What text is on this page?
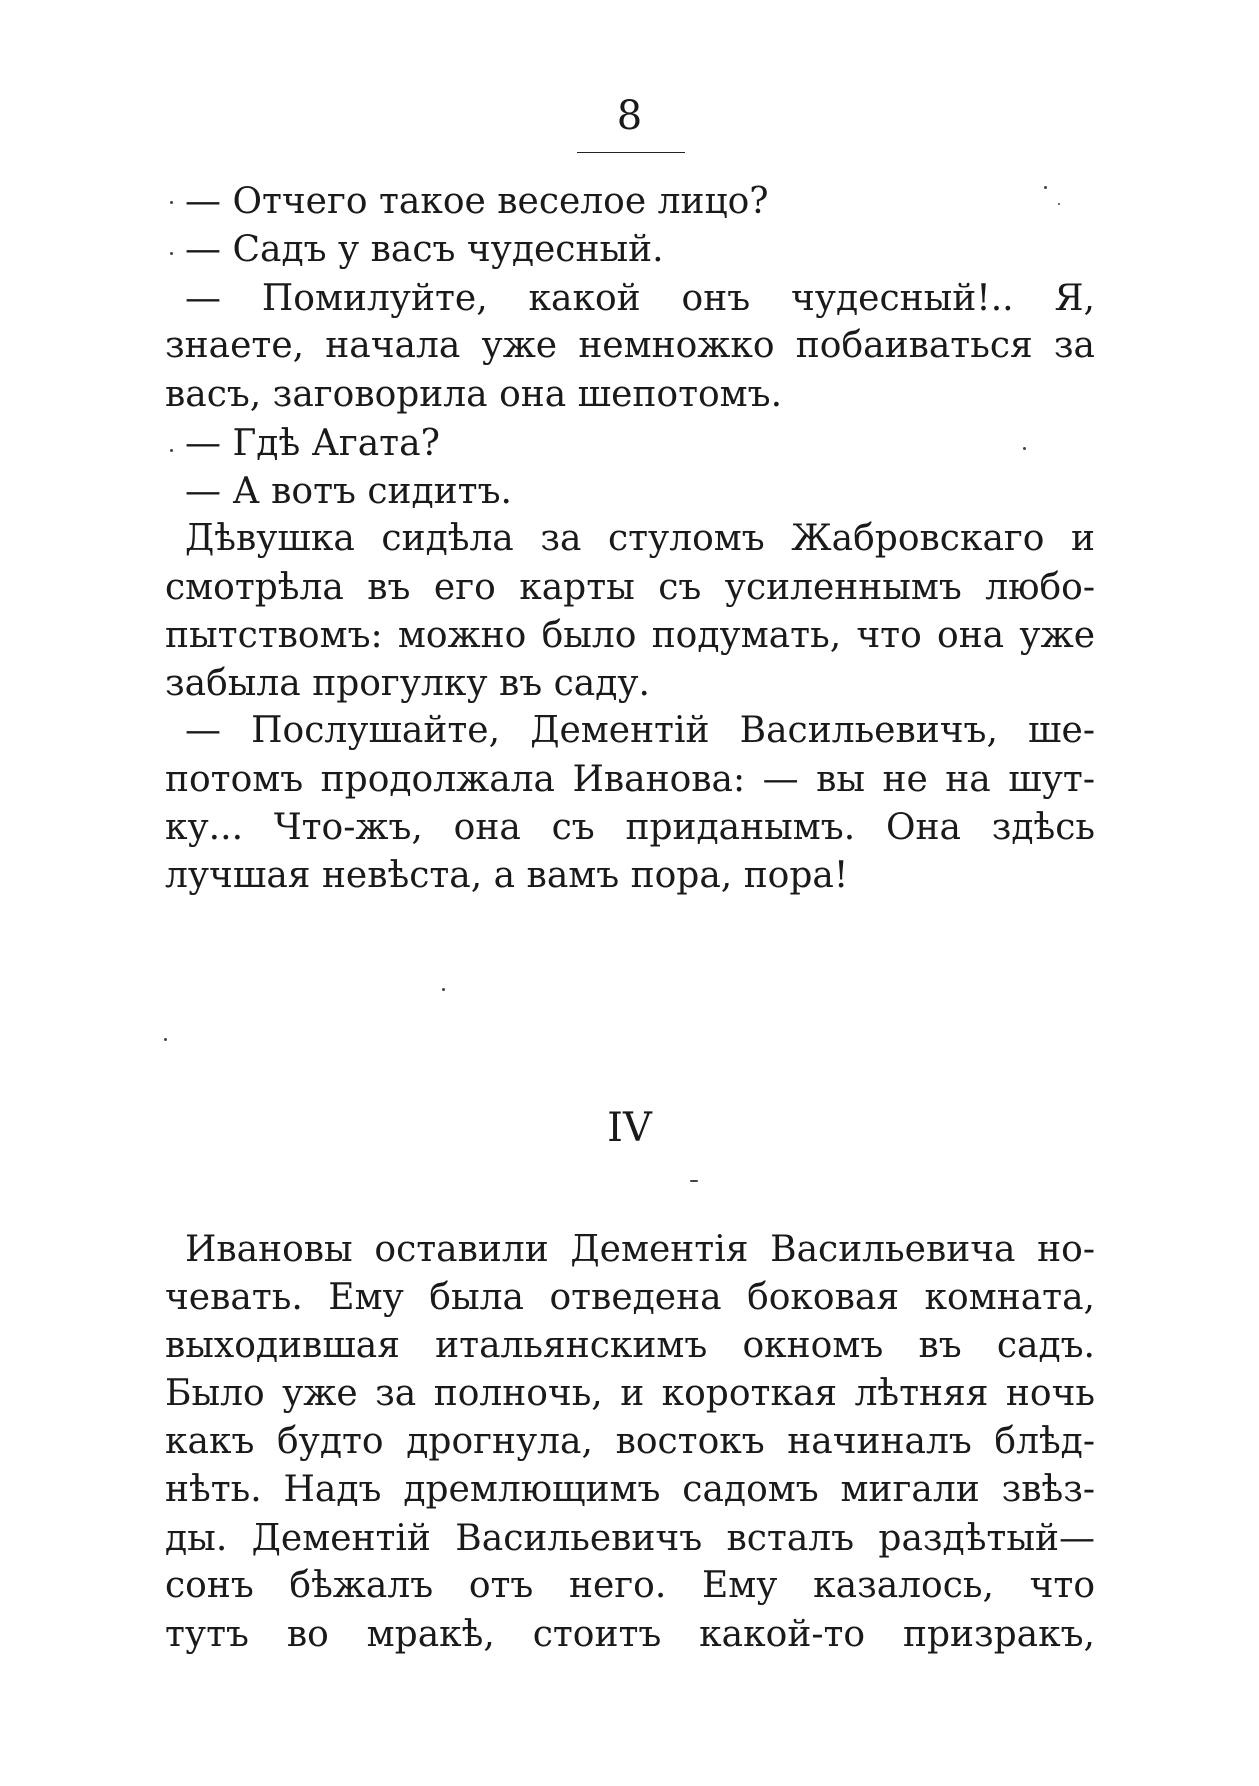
8
— Отчего такое веселое лицо?
— Садъ у васъ чудесный.
— Помилуйте, какой онъ чудесный!.. Я,
знаете, начала уже немножко побаиваться за
васъ, заговорила она шепотомъ.
— Гдѣ Агата?
— А вотъ сидитъ.
Дѣвушка сидѣла за стуломъ Жабровскаго и
смотрѣла въ его карты съ усиленнымъ любо-
пытствомъ: можно было подумать, что она уже
забыла прогулку въ саду.
— Послушайте, Дементій Васильевичъ, ше-
потомъ продолжала Иванова: — вы не на шут-
ку... Что-жъ, она съ приданымъ. Она здѣсь
лучшая невѣста, а вамъ пора, пора!
IV
Ивановы оставили Дементія Васильевича но-
чевать. Ему была отведена боковая комната,
выходившая итальянскимъ окномъ въ садъ.
Было уже за полночь, и короткая лѣтняя ночь
какъ будто дрогнула, востокъ начиналъ блѣд-
нѣть. Надъ дремлющимъ садомъ мигали звѣз-
ды. Дементій Васильевичъ всталъ раздѣтый—
сонъ бѣжалъ отъ него. Ему казалось, что
тутъ во мракѣ, стоитъ какой-то призракъ,
